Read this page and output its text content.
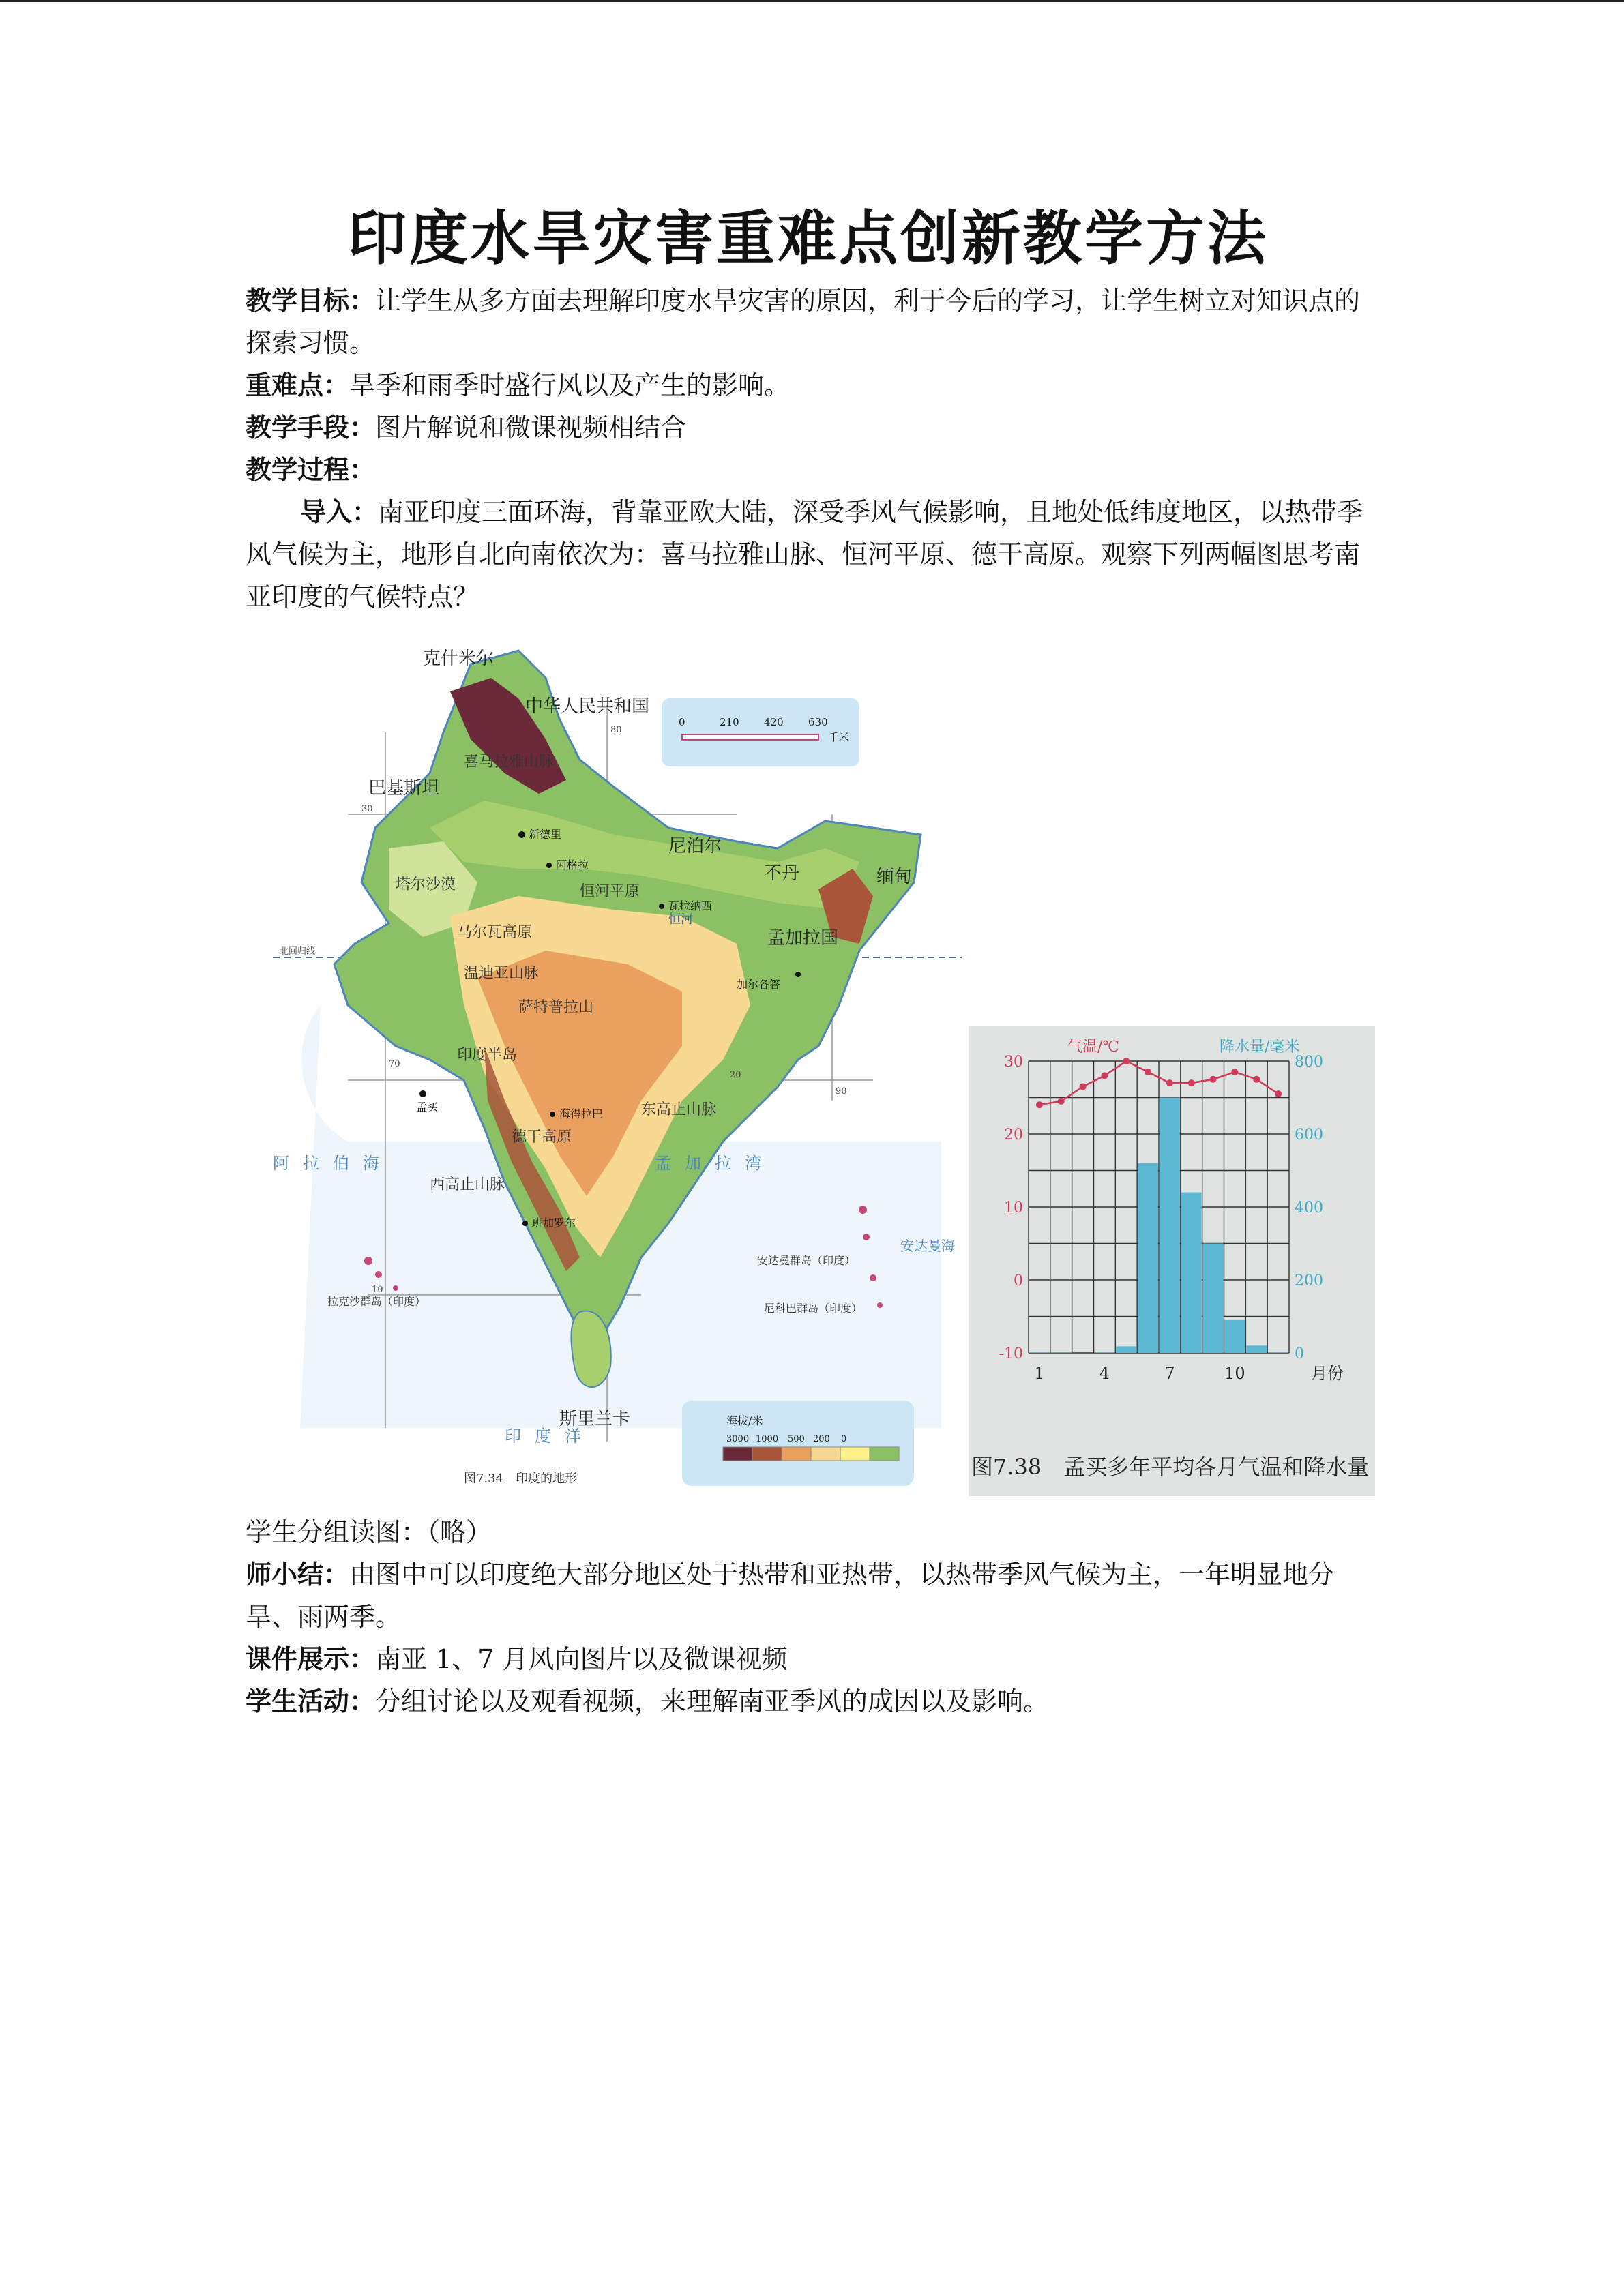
印度水旱灾害重难点创新教学方法

教学目标：让学生从多方面去理解印度水旱灾害的原因，利于今后的学习，让学生树立对知识点的探索习惯。

重难点：旱季和雨季时盛行风以及产生的影响。

教学手段：图片解说和微课视频相结合

教学过程：

导入：南亚印度三面环海，背靠亚欧大陆，深受季风气候影响，且地处低纬度地区，以热带季风气候为主，地形自北向南依次为：喜马拉雅山脉、恒河平原、德干高原。观察下列两幅图思考南亚印度的气候特点？

0	210 420 630
千米
中华人民共和国
巴基斯坦
尼泊尔
不丹
孟加拉国
缅甸
斯里兰卡
克什米尔
喜马拉雅山脉
恒河平原
德干高原
塔尔沙漠
马尔瓦高原
温迪亚山脉
萨特普拉山
西高止山脉
东高止山脉
印度半岛
恒河
阿拉伯海	孟加拉湾
印度洋
拉克沙群岛（印度）
安达曼群岛（印度）
尼科巴群岛（印度）
安达曼海
新德里
阿格拉
瓦拉纳西
加尔各答
孟买
海得拉巴
班加罗尔
30
20
10
70
80
90
北回归线
海拔/米
3000 1000 500 200 0
图7.34　印度的地形
气温/℃	降水量/毫米
30
20
10
0
-10
800
600
400
200
0
1	4	7	10	月份
图7.38　孟买多年平均各月气温和降水量

学生分组读图：（略）

师小结：由图中可以印度绝大部分地区处于热带和亚热带，以热带季风气候为主，一年明显地分旱、雨两季。

课件展示：南亚 1、7 月风向图片以及微课视频

学生活动：分组讨论以及观看视频，来理解南亚季风的成因以及影响。
